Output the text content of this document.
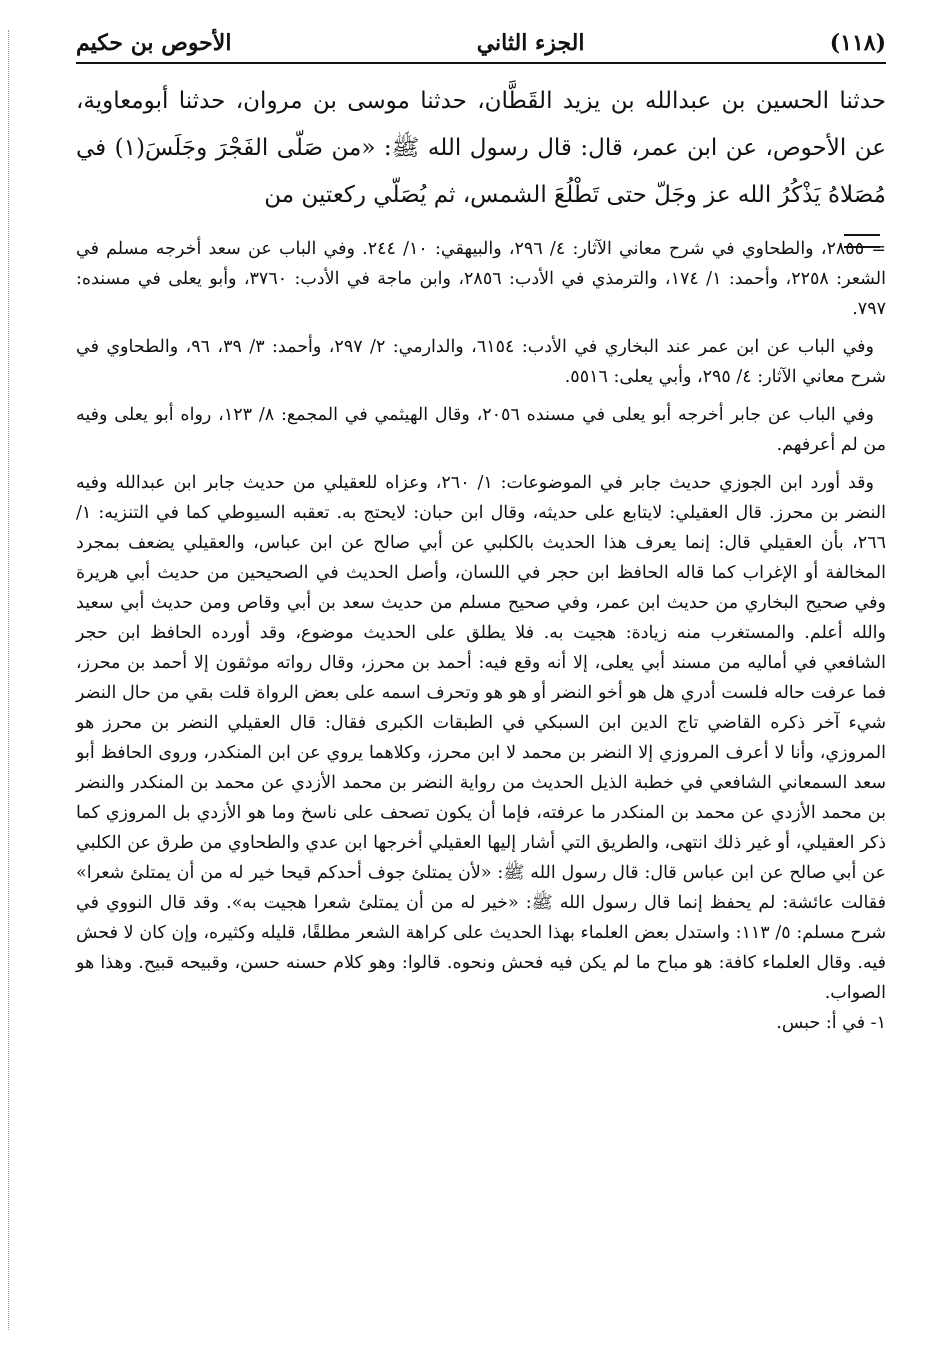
(١١٨)
الجزء الثاني
الأحوص بن حكيم

حدثنا الحسين بن عبدالله بن يزيد القَطَّان، حدثنا موسى بن مروان، حدثنا أبومعاوية، عن الأحوص، عن ابن عمر، قال: قال رسول الله ﷺ: «من صَلّى الفَجْرَ وجَلَسَ(١) في مُصَلاهُ يَذْكُرُ الله عز وجَلّ حتى تَطْلُعَ الشمس، ثم يُصَلّي ركعتين من

= ٢٨٥٥، والطحاوي في شرح معاني الآثار: ٤/ ٢٩٦، والبيهقي: ١٠/ ٢٤٤. وفي الباب عن سعد أخرجه مسلم في الشعر: ٢٢٥٨، وأحمد: ١/ ١٧٤، والترمذي في الأدب: ٢٨٥٦، وابن ماجة في الأدب: ٣٧٦٠، وأبو يعلى في مسنده: ٧٩٧.

وفي الباب عن ابن عمر عند البخاري في الأدب: ٦١٥٤، والدارمي: ٢/ ٢٩٧، وأحمد: ٣/ ٣٩، ٩٦، والطحاوي في شرح معاني الآثار: ٤/ ٢٩٥، وأبي يعلى: ٥٥١٦.

وفي الباب عن جابر أخرجه أبو يعلى في مسنده ٢٠٥٦، وقال الهيثمي في المجمع: ٨/ ١٢٣، رواه أبو يعلى وفيه من لم أعرفهم.

وقد أورد ابن الجوزي حديث جابر في الموضوعات: ١/ ٢٦٠، وعزاه للعقيلي من حديث جابر ابن عبدالله وفيه النضر بن محرز. قال العقيلي: لايتابع على حديثه، وقال ابن حبان: لايحتج به. تعقبه السيوطي كما في التنزيه: ١/ ٢٦٦، بأن العقيلي قال: إنما يعرف هذا الحديث بالكلبي عن أبي صالح عن ابن عباس، والعقيلي يضعف بمجرد المخالفة أو الإغراب كما قاله الحافظ ابن حجر في اللسان، وأصل الحديث في الصحيحين من حديث أبي هريرة وفي صحيح البخاري من حديث ابن عمر، وفي صحيح مسلم من حديث سعد بن أبي وقاص ومن حديث أبي سعيد والله أعلم. والمستغرب منه زيادة: هجيت به. فلا يطلق على الحديث موضوع، وقد أورده الحافظ ابن حجر الشافعي في أماليه من مسند أبي يعلى، إلا أنه وقع فيه: أحمد بن محرز، وقال رواته موثقون إلا أحمد بن محرز، فما عرفت حاله فلست أدري هل هو أخو النضر أو هو هو وتحرف اسمه على بعض الرواة قلت بقي من حال النضر شيء آخر ذكره القاضي تاج الدين ابن السبكي في الطبقات الكبرى فقال: قال العقيلي النضر بن محرز هو المروزي، وأنا لا أعرف المروزي إلا النضر بن محمد لا ابن محرز، وكلاهما يروي عن ابن المنكدر، وروى الحافظ أبو سعد السمعاني الشافعي في خطبة الذيل الحديث من رواية النضر بن محمد الأزدي عن محمد بن المنكدر والنضر بن محمد الأزدي عن محمد بن المنكدر ما عرفته، فإما أن يكون تصحف على ناسخ وما هو الأزدي بل المروزي كما ذكر العقيلي، أو غير ذلك انتهى، والطريق التي أشار إليها العقيلي أخرجها ابن عدي والطحاوي من طرق عن الكلبي عن أبي صالح عن ابن عباس قال: قال رسول الله ﷺ: «لأن يمتلئ جوف أحدكم قيحا خير له من أن يمتلئ شعرا» فقالت عائشة: لم يحفظ إنما قال رسول الله ﷺ: «خير له من أن يمتلئ شعرا هجيت به». وقد قال النووي في شرح مسلم: ٥/ ١١٣: واستدل بعض العلماء بهذا الحديث على كراهة الشعر مطلقًا، قليله وكثيره، وإن كان لا فحش فيه. وقال العلماء كافة: هو مباح ما لم يكن فيه فحش ونحوه. قالوا: وهو كلام حسنه حسن، وقبيحه قبيح. وهذا هو الصواب.

١- في أ: حبس.
